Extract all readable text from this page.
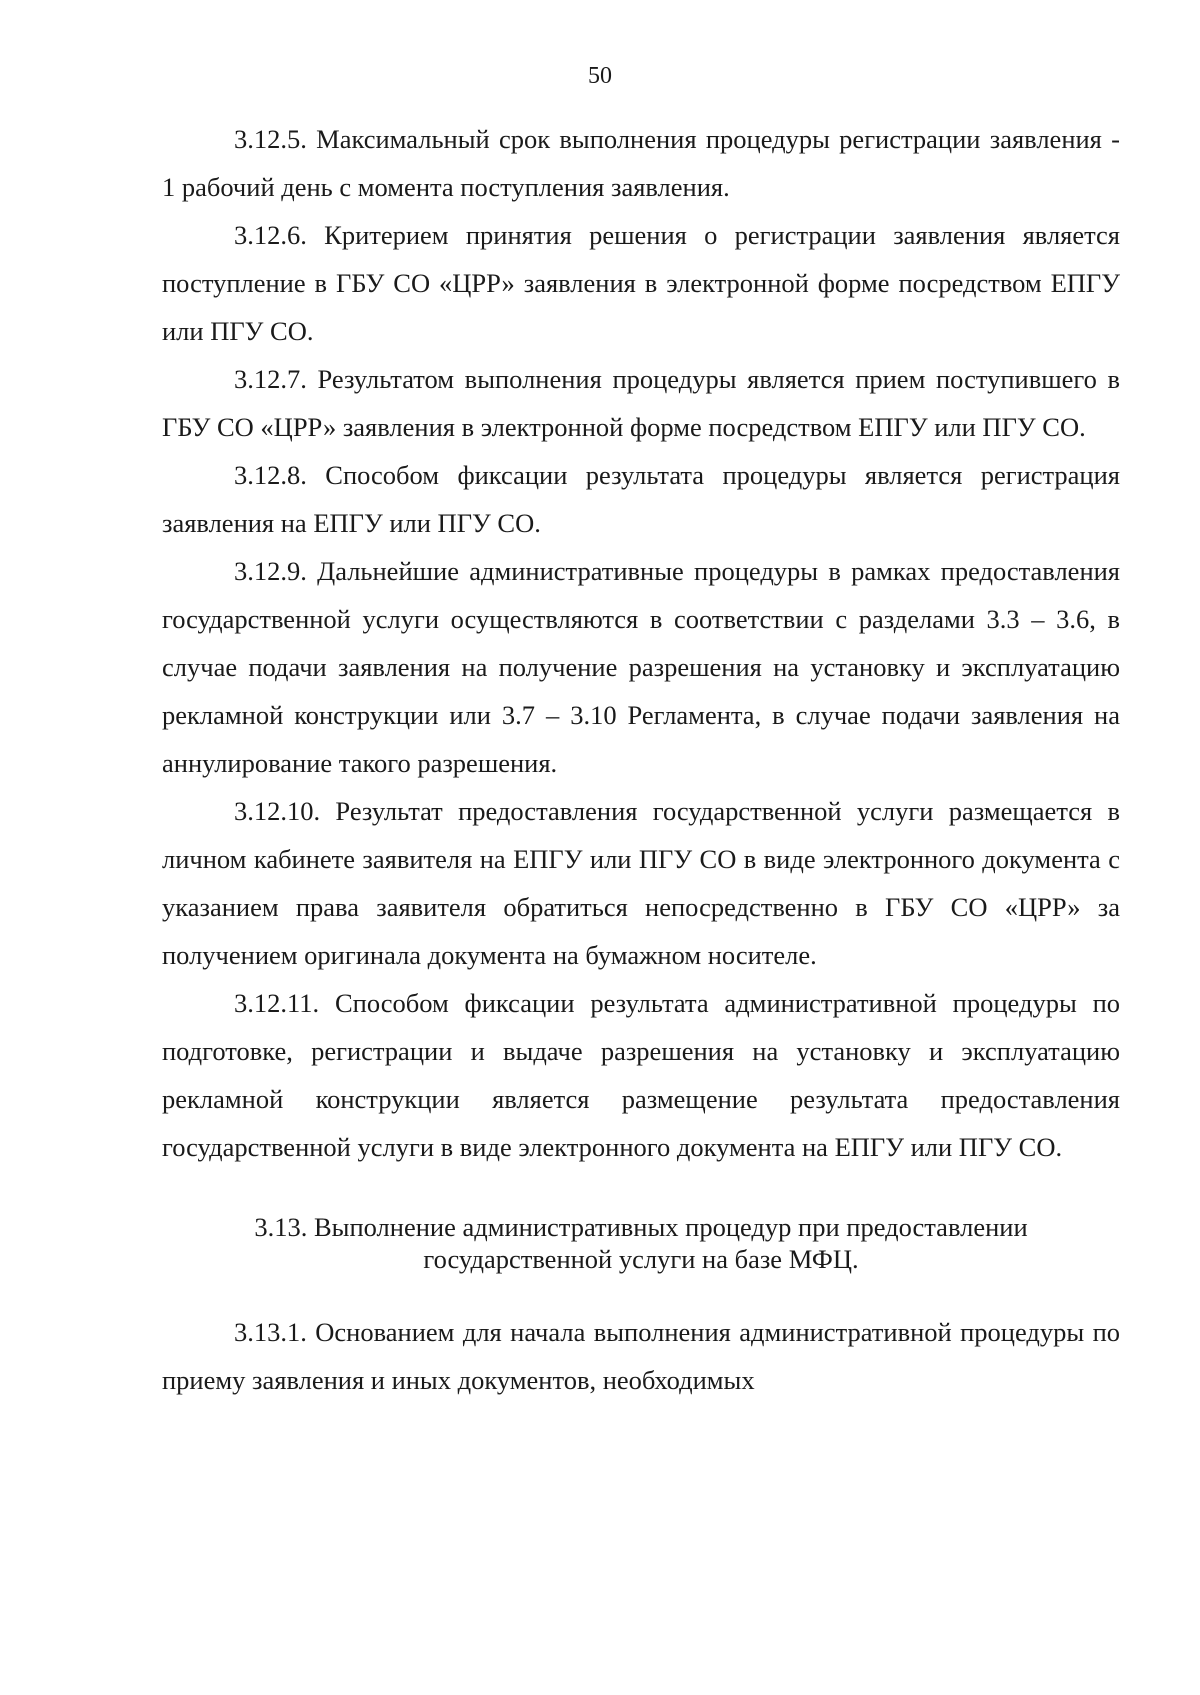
50

3.12.5. Максимальный срок выполнения процедуры регистрации заявления - 1 рабочий день с момента поступления заявления.

3.12.6. Критерием принятия решения о регистрации заявления является поступление в ГБУ СО «ЦРР» заявления в электронной форме посредством ЕПГУ или ПГУ СО.

3.12.7. Результатом выполнения процедуры является прием поступившего в ГБУ СО «ЦРР» заявления в электронной форме посредством ЕПГУ или ПГУ СО.

3.12.8. Способом фиксации результата процедуры является регистрация заявления на ЕПГУ или ПГУ СО.

3.12.9. Дальнейшие административные процедуры в рамках предоставления государственной услуги осуществляются в соответствии с разделами 3.3 – 3.6, в случае подачи заявления на получение разрешения на установку и эксплуатацию рекламной конструкции или 3.7 – 3.10 Регламента, в случае подачи заявления на аннулирование такого разрешения.

3.12.10. Результат предоставления государственной услуги размещается в личном кабинете заявителя на ЕПГУ или ПГУ СО в виде электронного документа с указанием права заявителя обратиться непосредственно в ГБУ СО «ЦРР» за получением оригинала документа на бумажном носителе.

3.12.11. Способом фиксации результата административной процедуры по подготовке, регистрации и выдаче разрешения на установку и эксплуатацию рекламной конструкции является размещение результата предоставления государственной услуги в виде электронного документа на ЕПГУ или ПГУ СО.

3.13. Выполнение административных процедур при предоставлении государственной услуги на базе МФЦ.

3.13.1. Основанием для начала выполнения административной процедуры по приему заявления и иных документов, необходимых
